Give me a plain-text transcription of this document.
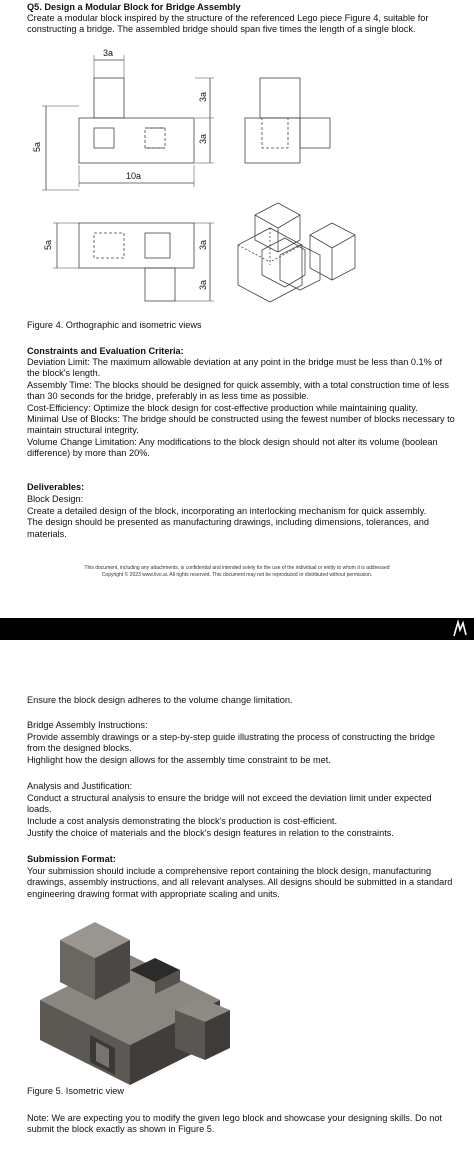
Q5. Design a Modular Block for Bridge Assembly
Create a modular block inspired by the structure of the referenced Lego piece Figure 4, suitable for
constructing a bridge. The assembled bridge should span five times the length of a single block.
3a
5a
3a
3a
10a
5a	3a
3a
Figure 4. Orthographic and isometric views
Constraints and Evaluation Criteria:
Deviation Limit: The maximum allowable deviation at any point in the bridge must be less than 0.1% of
the block's length.
Assembly Time: The blocks should be designed for quick assembly, with a total construction time of less
than 30 seconds for the bridge, preferably in as less time as possible.
Cost-Efficiency: Optimize the block design for cost-effective production while maintaining quality.
Minimal Use of Blocks: The bridge should be constructed using the fewest number of blocks necessary to
maintain structural integrity.
Volume Change Limitation: Any modifications to the block design should not alter its volume (boolean
difference) by more than 20%.
Deliverables:
Block Design:
Create a detailed design of the block, incorporating an interlocking mechanism for quick assembly.
The design should be presented as manufacturing drawings, including dimensions, tolerances, and
materials.
This document, including any attachments, is confidential and intended solely for the use of the individual or entity to whom it is addressed
Copyright © 2023 www.livo.ai. All rights reserved. This document may not be reproduced or distributed without permission.
Ensure the block design adheres to the volume change limitation.
Bridge Assembly Instructions:
Provide assembly drawings or a step-by-step guide illustrating the process of constructing the bridge
from the designed blocks.
Highlight how the design allows for the assembly time constraint to be met.
Analysis and Justification:
Conduct a structural analysis to ensure the bridge will not exceed the deviation limit under expected
loads.
Include a cost analysis demonstrating the block's production is cost-efficient.
Justify the choice of materials and the block's design features in relation to the constraints.
Submission Format:
Your submission should include a comprehensive report containing the block design, manufacturing
drawings, assembly instructions, and all relevant analyses. All designs should be submitted in a standard
engineering drawing format with appropriate scaling and units.
Figure 5. Isometric view
Note: We are expecting you to modify the given lego block and showcase your designing skills. Do not
submit the block exactly as shown in Figure 5.
